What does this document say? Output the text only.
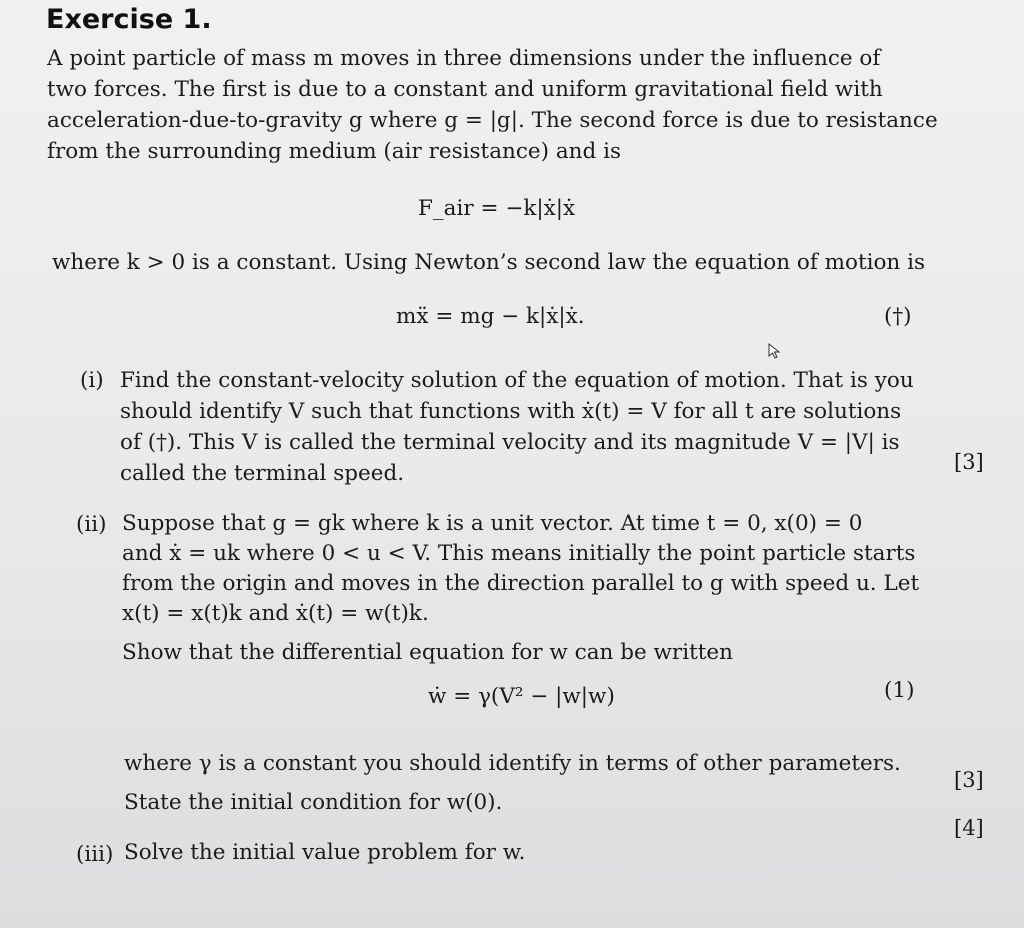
Exercise 1.
A point particle of mass m moves in three dimensions under the influence of
two forces. The first is due to a constant and uniform gravitational field with
acceleration-due-to-gravity g where g = |g|. The second force is due to resistance
from the surrounding medium (air resistance) and is
F_air = −k|ẋ|ẋ
where k > 0 is a constant. Using Newton’s second law the equation of motion is
mẍ = mg − k|ẋ|ẋ.	(†)
(i) Find the constant-velocity solution of the equation of motion. That is you
should identify V such that functions with ẋ(t) = V for all t are solutions
of (†). This V is called the terminal velocity and its magnitude V = |V| is
called the terminal speed.	[3]
(ii) Suppose that g = gk where k is a unit vector. At time t = 0, x(0) = 0
and ẋ = uk where 0 < u < V. This means initially the point particle starts
from the origin and moves in the direction parallel to g with speed u. Let
x(t) = x(t)k and ẋ(t) = w(t)k.
Show that the differential equation for w can be written
ẇ = γ(V² − |w|w)	(1)
where γ is a constant you should identify in terms of other parameters.
State the initial condition for w(0).
[3]
(iii) Solve the initial value problem for w.
[4]
